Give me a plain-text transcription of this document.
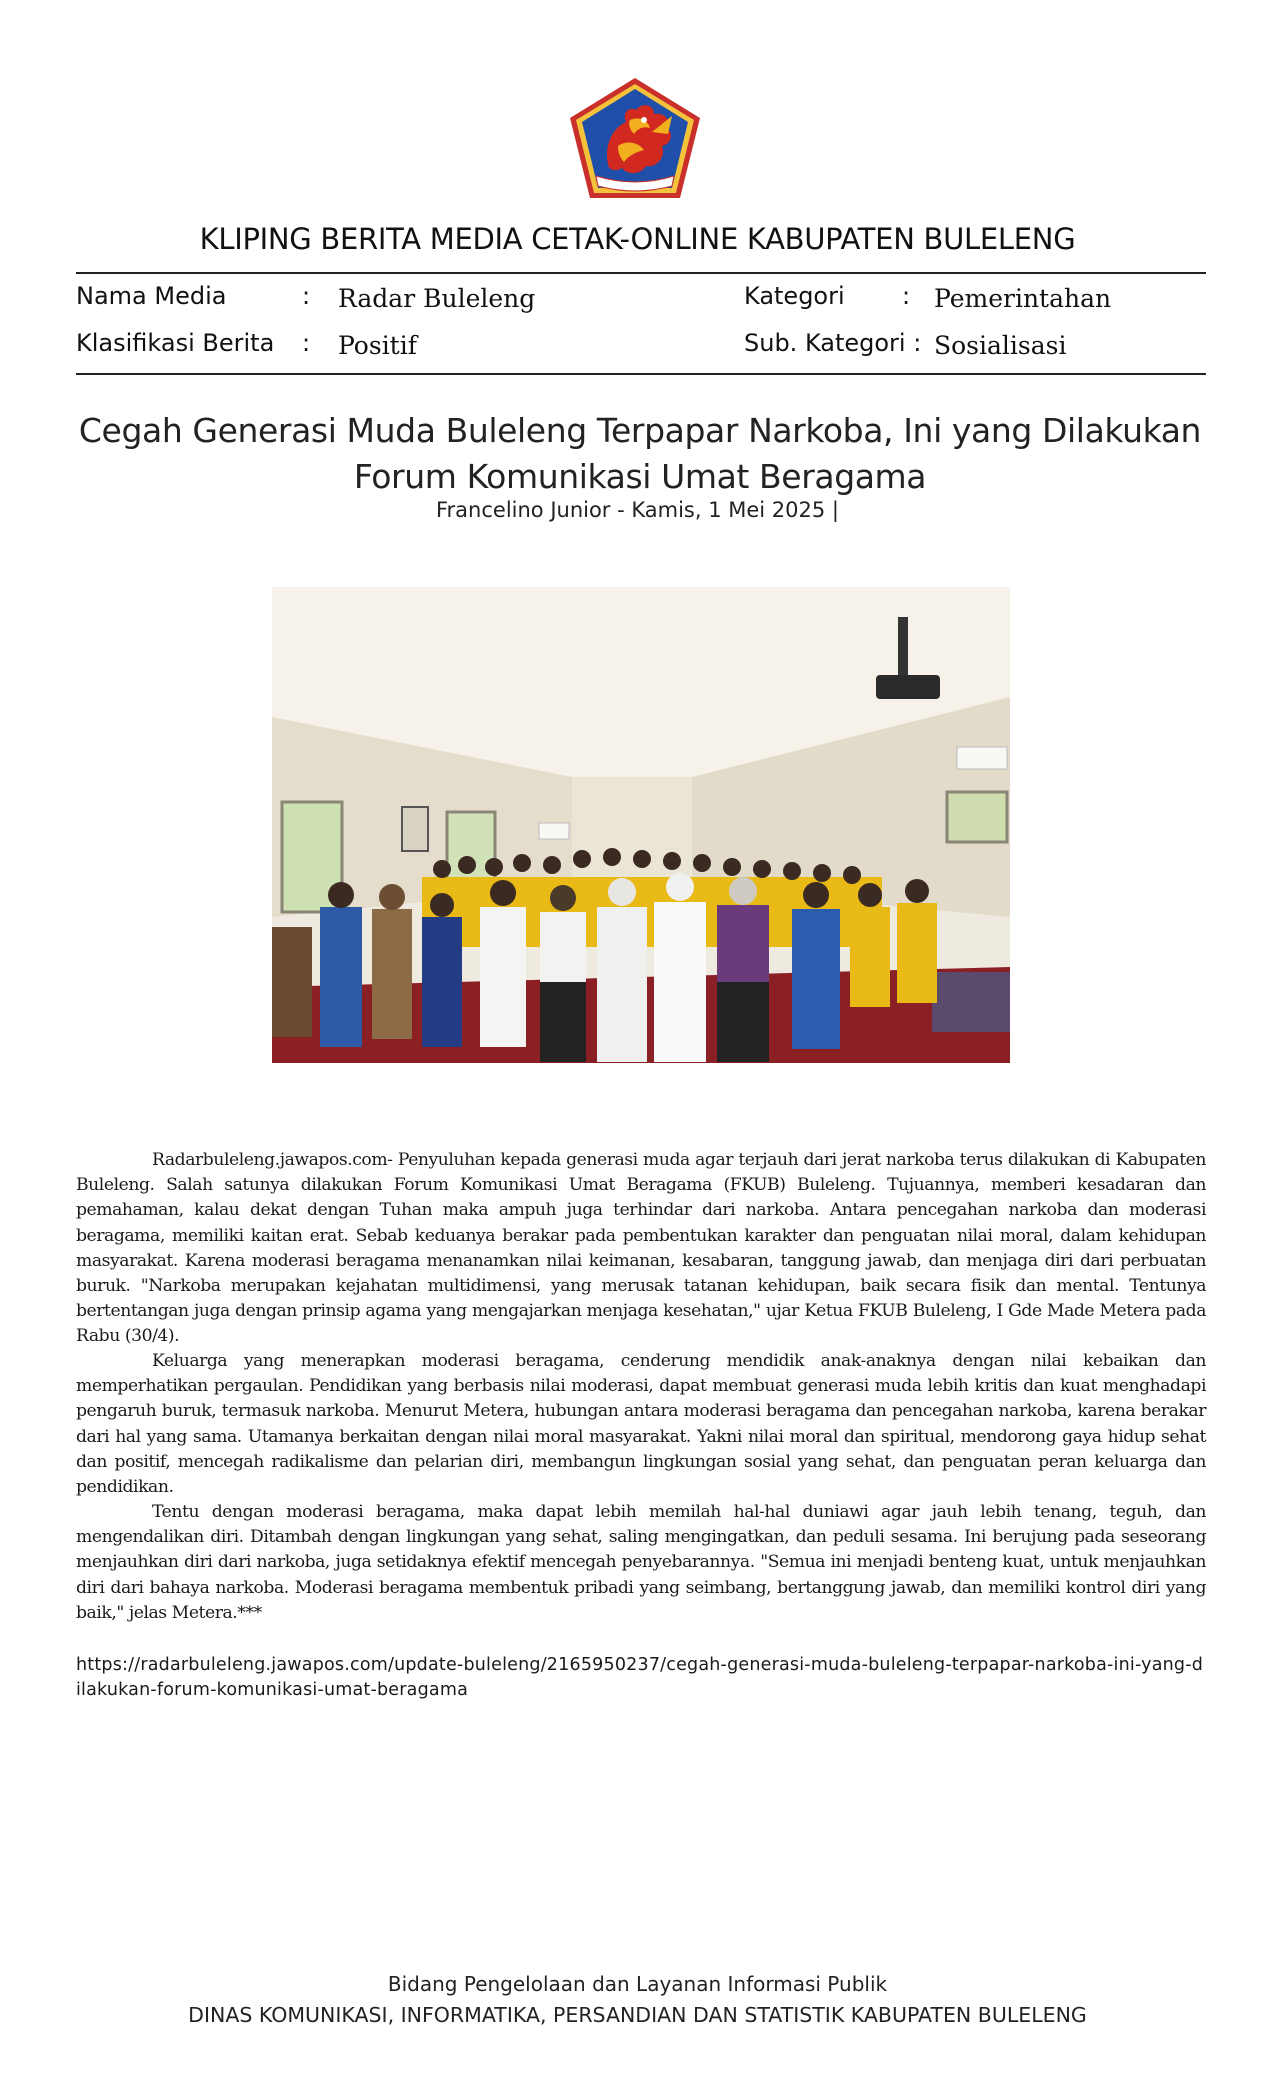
KLIPING BERITA MEDIA CETAK-ONLINE KABUPATEN BULELENG
Nama Media	: Radar Buleleng	Kategori : Pemerintahan
Klasifikasi Berita : Positif	Sub. Kategori : Sosialisasi
Cegah Generasi Muda Buleleng Terpapar Narkoba, Ini yang Dilakukan
Forum Komunikasi Umat Beragama
Francelino Junior - Kamis, 1 Mei 2025 |

Radarbuleleng.jawapos.com- Penyuluhan kepada generasi muda agar terjauh dari jerat narkoba terus dilakukan di Kabupaten Buleleng. Salah satunya dilakukan Forum Komunikasi Umat Beragama (FKUB) Buleleng. Tujuannya, memberi kesadaran dan pemahaman, kalau dekat dengan Tuhan maka ampuh juga terhindar dari narkoba. Antara pencegahan narkoba dan moderasi beragama, memiliki kaitan erat. Sebab keduanya berakar pada pembentukan karakter dan penguatan nilai moral, dalam kehidupan masyarakat. Karena moderasi beragama menanamkan nilai keimanan, kesabaran, tanggung jawab, dan menjaga diri dari perbuatan buruk. "Narkoba merupakan kejahatan multidimensi, yang merusak tatanan kehidupan, baik secara fisik dan mental. Tentunya bertentangan juga dengan prinsip agama yang mengajarkan menjaga kesehatan," ujar Ketua FKUB Buleleng, I Gde Made Metera pada Rabu (30/4).

Keluarga yang menerapkan moderasi beragama, cenderung mendidik anak-anaknya dengan nilai kebaikan dan memperhatikan pergaulan. Pendidikan yang berbasis nilai moderasi, dapat membuat generasi muda lebih kritis dan kuat menghadapi pengaruh buruk, termasuk narkoba. Menurut Metera, hubungan antara moderasi beragama dan pencegahan narkoba, karena berakar dari hal yang sama. Utamanya berkaitan dengan nilai moral masyarakat. Yakni nilai moral dan spiritual, mendorong gaya hidup sehat dan positif, mencegah radikalisme dan pelarian diri, membangun lingkungan sosial yang sehat, dan penguatan peran keluarga dan pendidikan.

Tentu dengan moderasi beragama, maka dapat lebih memilah hal-hal duniawi agar jauh lebih tenang, teguh, dan mengendalikan diri. Ditambah dengan lingkungan yang sehat, saling mengingatkan, dan peduli sesama. Ini berujung pada seseorang menjauhkan diri dari narkoba, juga setidaknya efektif mencegah penyebarannya. "Semua ini menjadi benteng kuat, untuk menjauhkan diri dari bahaya narkoba. Moderasi beragama membentuk pribadi yang seimbang, bertanggung jawab, dan memiliki kontrol diri yang baik," jelas Metera.***

https://radarbuleleng.jawapos.com/update-buleleng/2165950237/cegah-generasi-muda-buleleng-terpapar-narkoba-ini-yang-dilakukan-forum-komunikasi-umat-beragama
Bidang Pengelolaan dan Layanan Informasi Publik
DINAS KOMUNIKASI, INFORMATIKA, PERSANDIAN DAN STATISTIK KABUPATEN BULELENG
